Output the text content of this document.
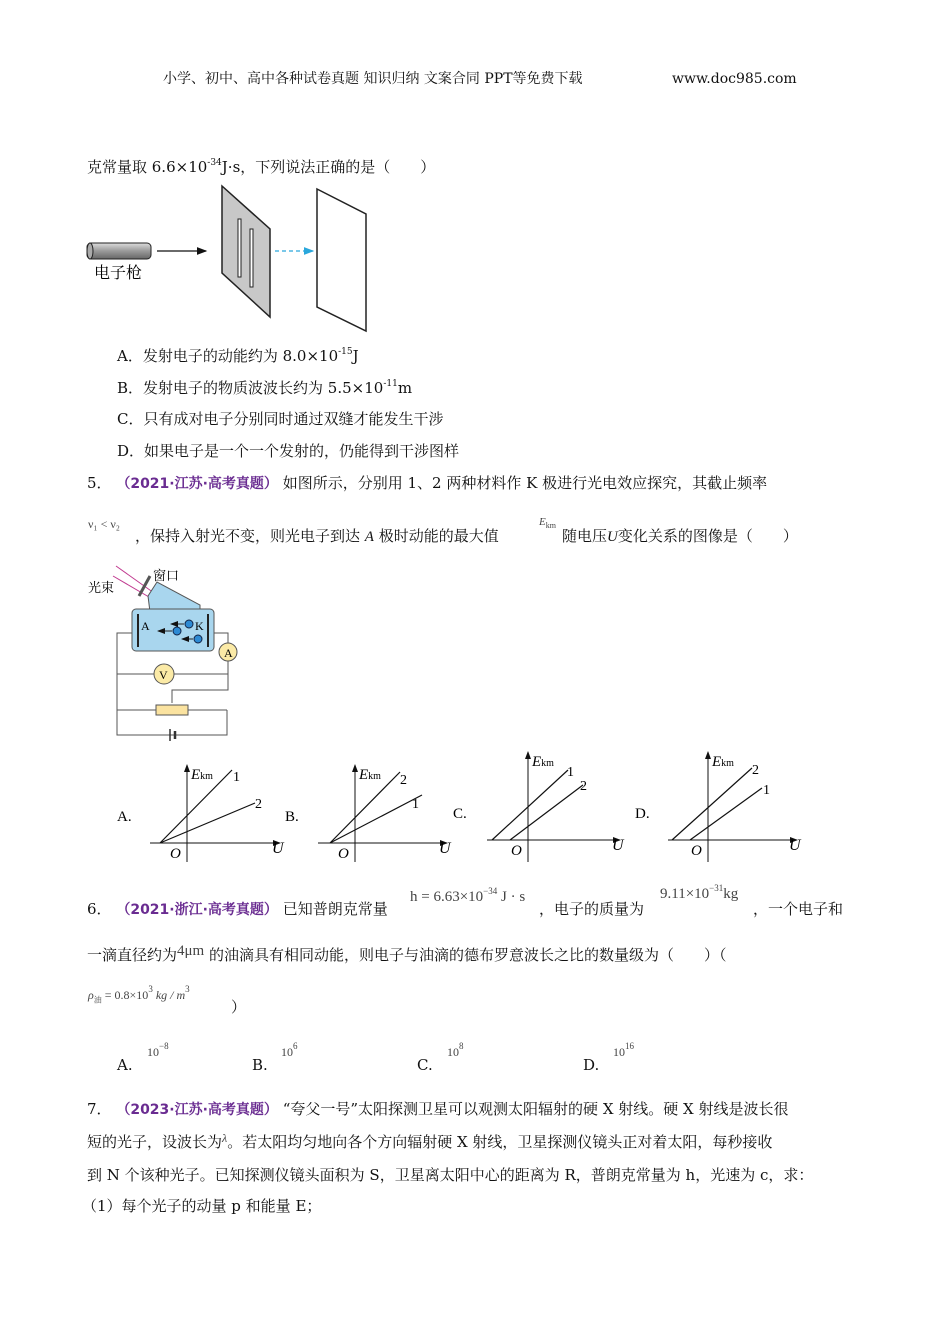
小学、初中、高中各种试卷真题 知识归纳 文案合同 PPT等免费下载	www.doc985.com
克常量取 $6.6\times 10^{-34}J\cdot s$，下列说法正确的是（　　）
电子枪
光束
窗口
A	K
A
V
A.
1
2
Ekm
U
O
B.
2
1
Ekm
U
O
C.
1
2
Ekm
U
O
D.
2
1
Ekm
U
O
A．发射电子的动能约为 $8.0\times 10^{-15}J$
B．发射电子的物质波波长约为 $5.5\times 10^{-11}m$
C．只有成对电子分别同时通过双缝才能发生干涉
D．如果电子是一个一个发射的，仍能得到干涉图样
5． （2021·江苏·高考真题） 如图所示，分别用 1、2 两种材料作 K 极进行光电效应探究，其截止频率
ν₁ < ν₂
，保持入射光不变，则光电子到达 A 极时动能的最大值
$E_{km}$
随电压U变化关系的图像是（　　）
6． （2021·浙江·高考真题） 已知普朗克常量
$h = 6.63\times 10^{-34}$ J · s
，电子的质量为
$9.11\times 10^{-31}kg$
，一个电子和
一滴直径约为4μm 的油滴具有相同动能，则电子与油滴的德布罗意波长之比的数量级为（　　）（
$\rho_油 = 0.8\times 10^3$ kg / $m^3$
）
A.
$10^{-8}$
B.
$10^6$
C.
$10^8$
D.
$10^{16}$
7． （2023·江苏·高考真题） “夸父一号”太阳探测卫星可以观测太阳辐射的硬 X 射线。硬 X 射线是波长很
短的光子，设波长为$^\lambda$。若太阳均匀地向各个方向辐射硬 X 射线，卫星探测仪镜头正对着太阳，每秒接收
到 N 个该种光子。已知探测仪镜头面积为 S，卫星离太阳中心的距离为 R，普朗克常量为 h，光速为 c，求：
（1）每个光子的动量 p 和能量 E；
